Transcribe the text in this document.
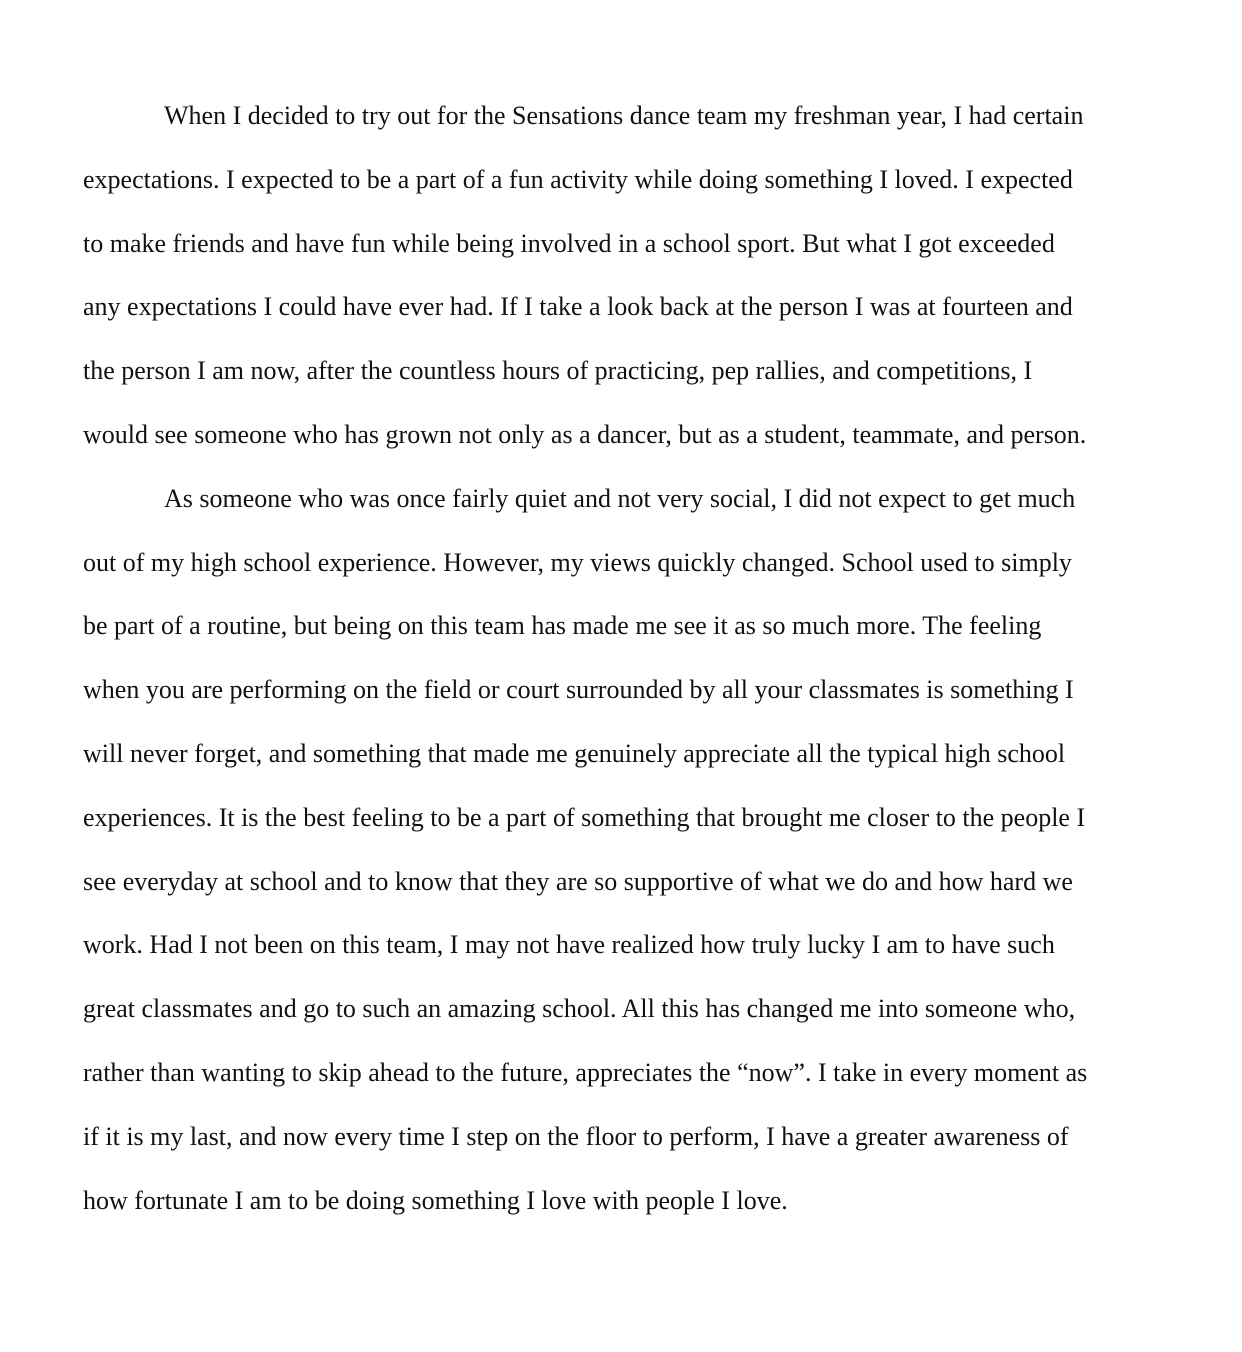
When I decided to try out for the Sensations dance team my freshman year, I had certain
expectations. I expected to be a part of a fun activity while doing something I loved. I expected
to make friends and have fun while being involved in a school sport. But what I got exceeded
any expectations I could have ever had. If I take a look back at the person I was at fourteen and
the person I am now, after the countless hours of practicing, pep rallies, and competitions, I
would see someone who has grown not only as a dancer, but as a student, teammate, and person.

As someone who was once fairly quiet and not very social, I did not expect to get much
out of my high school experience. However, my views quickly changed. School used to simply
be part of a routine, but being on this team has made me see it as so much more. The feeling
when you are performing on the field or court surrounded by all your classmates is something I
will never forget, and something that made me genuinely appreciate all the typical high school
experiences. It is the best feeling to be a part of something that brought me closer to the people I
see everyday at school and to know that they are so supportive of what we do and how hard we
work. Had I not been on this team, I may not have realized how truly lucky I am to have such
great classmates and go to such an amazing school. All this has changed me into someone who,
rather than wanting to skip ahead to the future, appreciates the “now”. I take in every moment as
if it is my last, and now every time I step on the floor to perform, I have a greater awareness of
how fortunate I am to be doing something I love with people I love.
